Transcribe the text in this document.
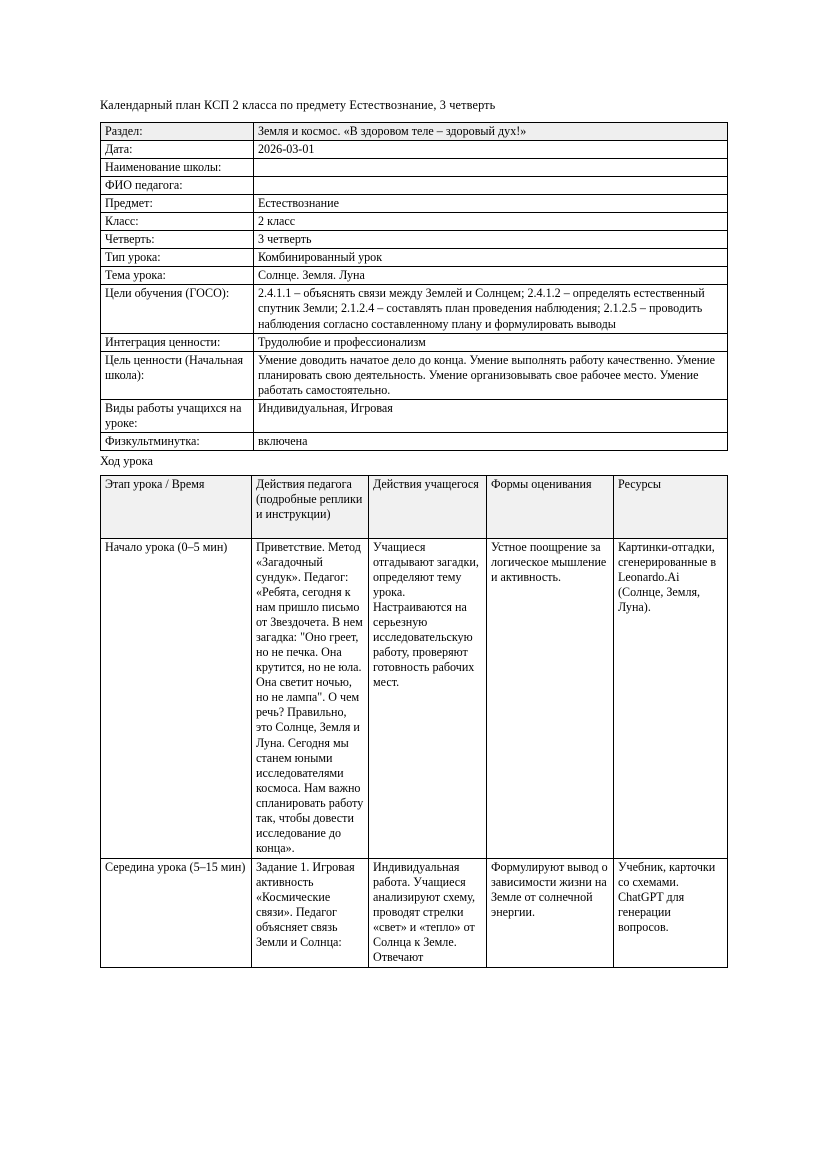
Календарный план КСП 2 класса по предмету Естествознание, 3 четверть

Раздел:	Земля и космос. «В здоровом теле – здоровый дух!»
Дата:	2026-03-01
Наименование школы:	
ФИО педагога:	
Предмет:	Естествознание
Класс:	2 класс
Четверть:	3 четверть
Тип урока:	Комбинированный урок
Тема урока:	Солнце. Земля. Луна
Цели обучения (ГОСО):	2.4.1.1 – объяснять связи между Землей и Солнцем; 2.4.1.2 – определять естественный спутник Земли; 2.1.2.4 – составлять план проведения наблюдения; 2.1.2.5 – проводить наблюдения согласно составленному плану и формулировать выводы
Интеграция ценности:	Трудолюбие и профессионализм
Цель ценности (Начальная школа):	Умение доводить начатое дело до конца. Умение выполнять работу качественно. Умение планировать свою деятельность. Умение организовывать свое рабочее место. Умение работать самостоятельно.
Виды работы учащихся на уроке:	Индивидуальная, Игровая
Физкультминутка:	включена

Ход урока

Этап урока / Время	Действия педагога (подробные реплики и инструкции)	Действия учащегося	Формы оценивания	Ресурсы
Начало урока (0–5 мин)	Приветствие. Метод «Загадочный сундук». Педагог: «Ребята, сегодня к нам пришло письмо от Звездочета. В нем загадка: "Оно греет, но не печка. Она крутится, но не юла. Она светит ночью, но не лампа". О чем речь? Правильно, это Солнце, Земля и Луна. Сегодня мы станем юными исследователями космоса. Нам важно спланировать работу так, чтобы довести исследование до конца».	Учащиеся отгадывают загадки, определяют тему урока. Настраиваются на серьезную исследовательскую работу, проверяют готовность рабочих мест.	Устное поощрение за логическое мышление и активность.	Картинки-отгадки, сгенерированные в Leonardo.Ai (Солнце, Земля, Луна).
Середина урока (5–15 мин)	Задание 1. Игровая активность «Космические связи». Педагог объясняет связь Земли и Солнца:	Индивидуальная работа. Учащиеся анализируют схему, проводят стрелки «свет» и «тепло» от Солнца к Земле. Отвечают	Формулируют вывод о зависимости жизни на Земле от солнечной энергии.	Учебник, карточки со схемами. ChatGPT для генерации вопросов.
